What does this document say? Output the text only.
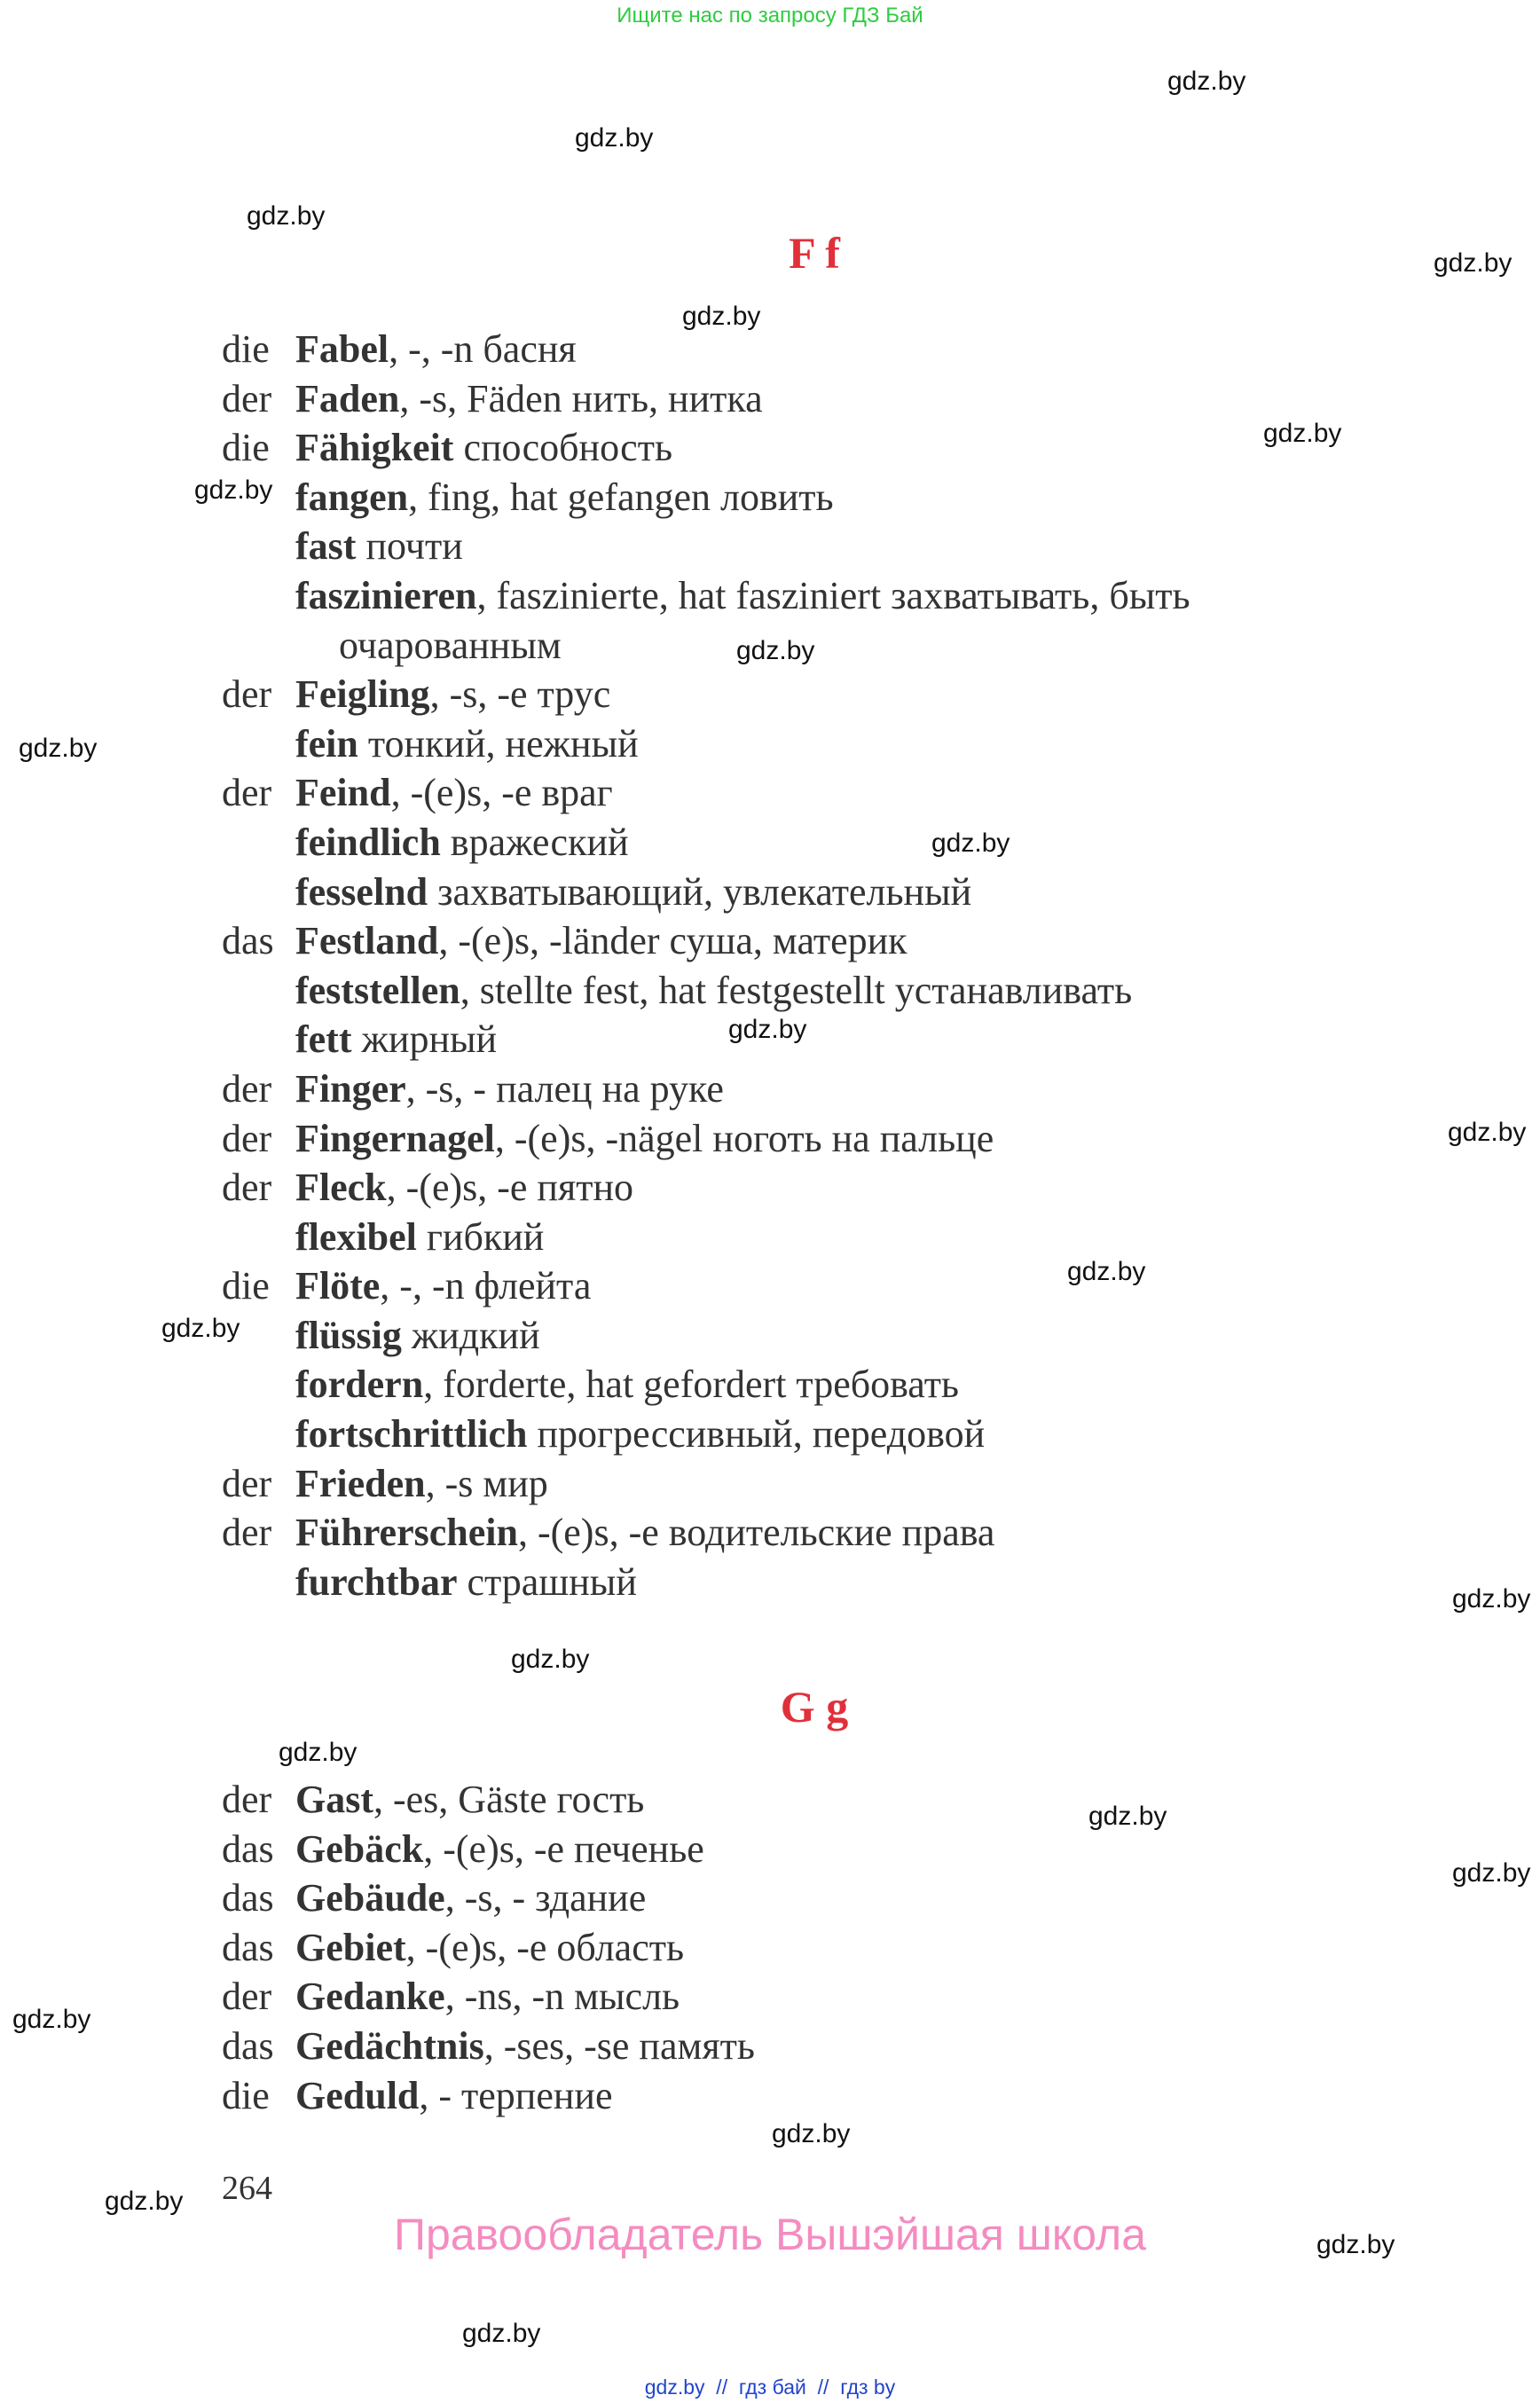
Ищите нас по запросу ГДЗ Бай
F f
die Fabel, -, -n басня
der Faden, -s, Fäden нить, нитка
die Fähigkeit способность
fangen, fing, hat gefangen ловить
fast почти
faszinieren, faszinierte, hat fasziniert захватывать, быть
очарованным
der Feigling, -s, -e трус
fein тонкий, нежный
der Feind, -(e)s, -e враг
feindlich вражеский
fesselnd захватывающий, увлекательный
das Festland, -(e)s, -länder суша, материк
feststellen, stellte fest, hat festgestellt устанавливать
fett жирный
der Finger, -s, - палец на руке
der Fingernagel, -(e)s, -nägel ноготь на пальце
der Fleck, -(e)s, -e пятно
flexibel гибкий
die Flöte, -, -n флейта
flüssig жидкий
fordern, forderte, hat gefordert требовать
fortschrittlich прогрессивный, передовой
der Frieden, -s мир
der Führerschein, -(e)s, -e водительские права
furchtbar страшный
G g
der Gast, -es, Gäste гость
das Gebäck, -(e)s, -e печенье
das Gebäude, -s, - здание
das Gebiet, -(e)s, -e область
der Gedanke, -ns, -n мысль
das Gedächtnis, -ses, -se память
die Geduld, - терпение
264
Правообладатель Вышэйшая школа
gdz.by  //  гдз бай  //  гдз by
gdz.by
gdz.by
gdz.by
gdz.by
gdz.by
gdz.by
gdz.by
gdz.by
gdz.by
gdz.by
gdz.by
gdz.by
gdz.by
gdz.by
gdz.by
gdz.by
gdz.by
gdz.by
gdz.by
gdz.by
gdz.by
gdz.by
gdz.by
gdz.by
